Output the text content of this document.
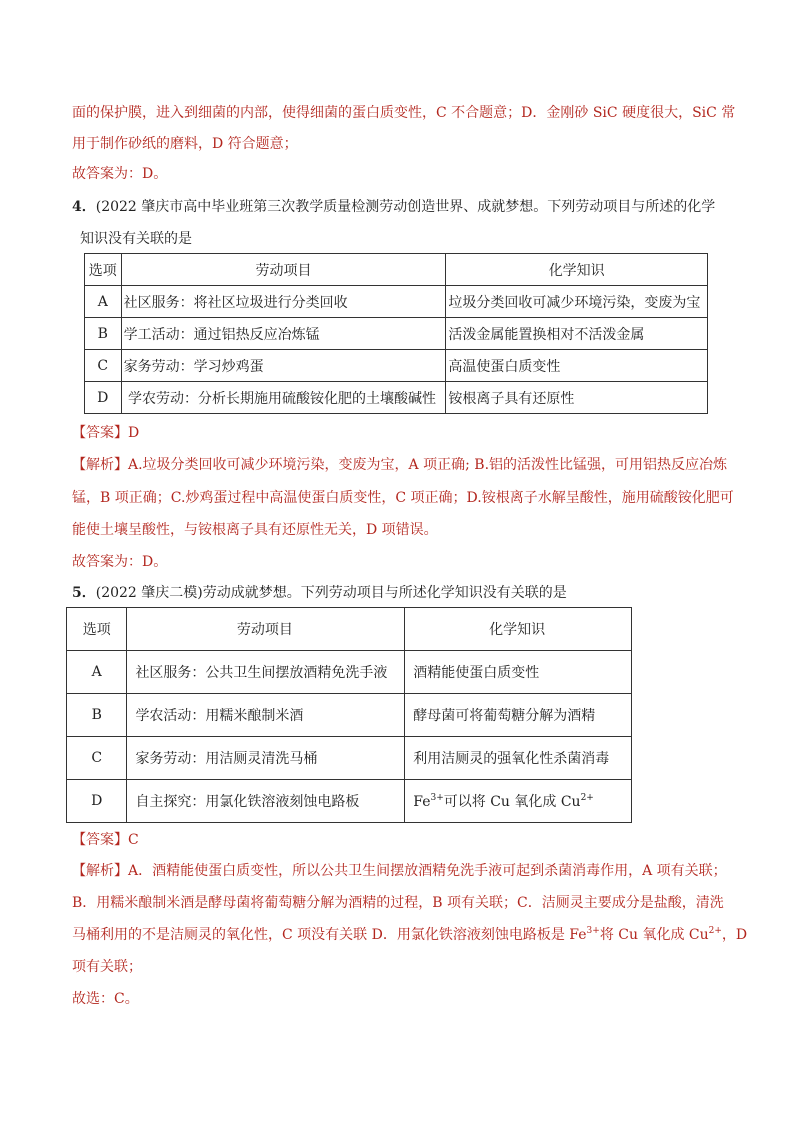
面的保护膜，进入到细菌的内部，使得细菌的蛋白质变性，C 不合题意；D．金刚砂 SiC 硬度很大，SiC 常
用于制作砂纸的磨料，D 符合题意；
故答案为：D。
4．(2022 肇庆市高中毕业班第三次教学质量检测劳动创造世界、成就梦想。下列劳动项目与所述的化学
知识没有关联的是
选项	劳动项目	化学知识
A	社区服务：将社区垃圾进行分类回收	垃圾分类回收可减少环境污染，变废为宝
B	学工活动：通过铝热反应冶炼锰	活泼金属能置换相对不活泼金属
C	家务劳动：学习炒鸡蛋	高温使蛋白质变性
D	学农劳动：分析长期施用硫酸铵化肥的土壤酸碱性	铵根离子具有还原性
【答案】D
【解析】A.垃圾分类回收可减少环境污染，变废为宝，A 项正确; B.铝的活泼性比锰强，可用铝热反应冶炼
锰，B 项正确；C.炒鸡蛋过程中高温使蛋白质变性，C 项正确；D.铵根离子水解呈酸性，施用硫酸铵化肥可
能使土壤呈酸性，与铵根离子具有还原性无关，D 项错误。
故答案为：D。
5．(2022 肇庆二模)劳动成就梦想。下列劳动项目与所述化学知识没有关联的是
选项	劳动项目	化学知识
A	社区服务：公共卫生间摆放酒精免洗手液	酒精能使蛋白质变性
B	学农活动：用糯米酿制米酒	酵母菌可将葡萄糖分解为酒精
C	家务劳动：用洁厕灵清洗马桶	利用洁厕灵的强氧化性杀菌消毒
D	自主探究：用氯化铁溶液刻蚀电路板	$Fe^{3+}$可以将 Cu 氧化成 $Cu^{2+}$
【答案】C
【解析】A．酒精能使蛋白质变性，所以公共卫生间摆放酒精免洗手液可起到杀菌消毒作用，A 项有关联；
B．用糯米酿制米酒是酵母菌将葡萄糖分解为酒精的过程，B 项有关联；C．洁厕灵主要成分是盐酸，清洗
马桶利用的不是洁厕灵的氧化性，C 项没有关联 D．用氯化铁溶液刻蚀电路板是 $Fe^{3+}$将 Cu 氧化成 $Cu^{2+}$，D
项有关联；
故选：C。
